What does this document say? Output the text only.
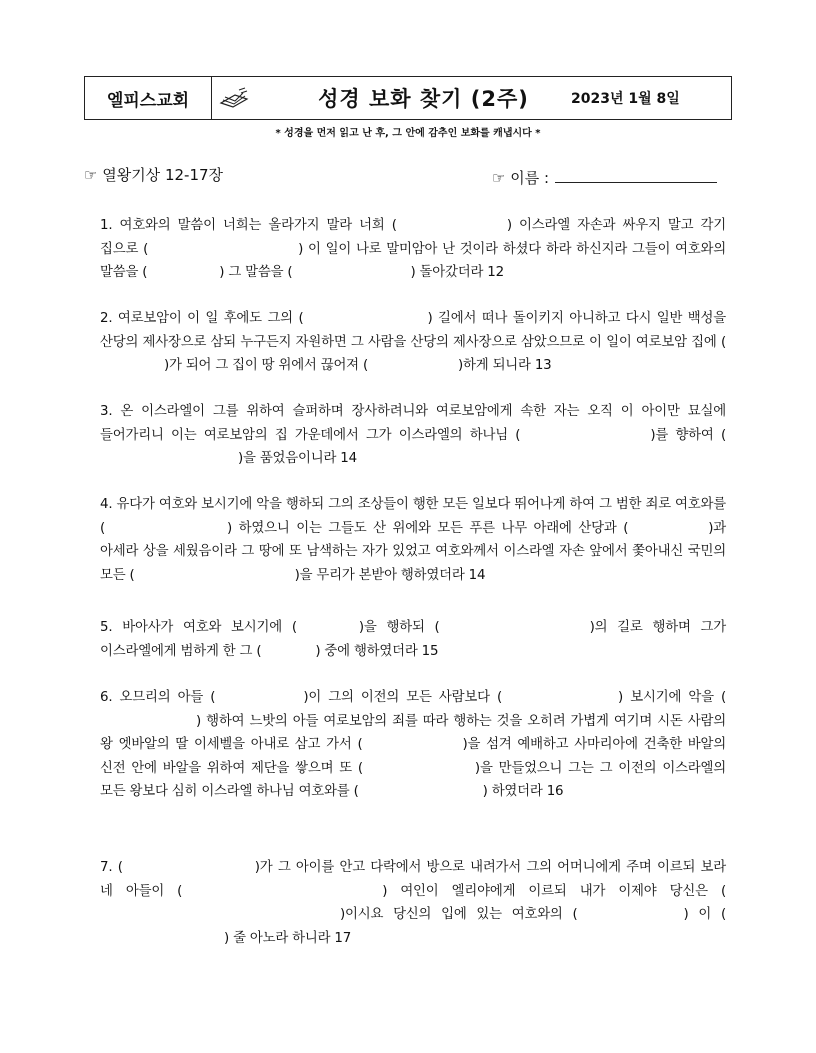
엘피스교회	성경 보화 찾기 (2주)	2023년 1월 8일
* 성경을 먼저 읽고 난 후, 그 안에 감추인 보화를 캐냅시다 *
☞ 열왕기상 12-17장	☞ 이름 :
1. 여호와의 말씀이 너희는 올라가지 말라 너희 (	) 이스라엘 자손과 싸우지 말고 각기 집으로 (	) 이 일이 나로 말미암아 난 것이라 하셨다 하라 하신지라 그들이 여호와의 말씀을 (	) 그 말씀을 (	) 돌아갔더라 12
2. 여로보암이 이 일 후에도 그의 (	) 길에서 떠나 돌이키지 아니하고 다시 일반 백성을 산당의 제사장으로 삼되 누구든지 자원하면 그 사람을 산당의 제사장으로 삼았으므로 이 일이 여로보암 집에 ()가 되어 그 집이 땅 위에서 끊어져 (	)하게 되니라 13
3. 온 이스라엘이 그를 위하여 슬퍼하며 장사하려니와 여로보암에게 속한 자는 오직 이 아이만 묘실에 들어가리니 이는 여로보암의 집 가운데에서 그가 이스라엘의 하나님 (	)를 향하여 ()을 품었음이니라 14
4. 유다가 여호와 보시기에 악을 행하되 그의 조상들이 행한 모든 일보다 뛰어나게 하여 그 범한 죄로 여호와를 (	) 하였으니 이는 그들도 산 위에와 모든 푸른 나무 아래에 산당과 (	)과 아세라 상을 세웠음이라 그 땅에 또 남색하는 자가 있었고 여호와께서 이스라엘 자손 앞에서 쫓아내신 국민의 모든 (	)을 무리가 본받아 행하였더라 14
5. 바아사가 여호와 보시기에 (	)을 행하되 (	)의 길로 행하며 그가 이스라엘에게 범하게 한 그 (	) 중에 행하였더라 15
6. 오므리의 아들 (	)이 그의 이전의 모든 사람보다 (	) 보시기에 악을 () 행하여 느밧의 아들 여로보암의 죄를 따라 행하는 것을 오히려 가볍게 여기며 시돈 사람의 왕 엣바알의 딸 이세벨을 아내로 삼고 가서 (	)을 섬겨 예배하고 사마리아에 건축한 바알의 신전 안에 바알을 위하여 제단을 쌓으며 또 (	)을 만들었으니 그는 그 이전의 이스라엘의 모든 왕보다 심히 이스라엘 하나님 여호와를 (	) 하였더라 16
7. (	)가 그 아이를 안고 다락에서 방으로 내려가서 그의 어머니에게 주며 이르되 보라 네 아들이 (	) 여인이 엘리야에게 이르되 내가 이제야 당신은 ()이시요 당신의 입에 있는 여호와의 (	) 이 () 줄 아노라 하니라 17
